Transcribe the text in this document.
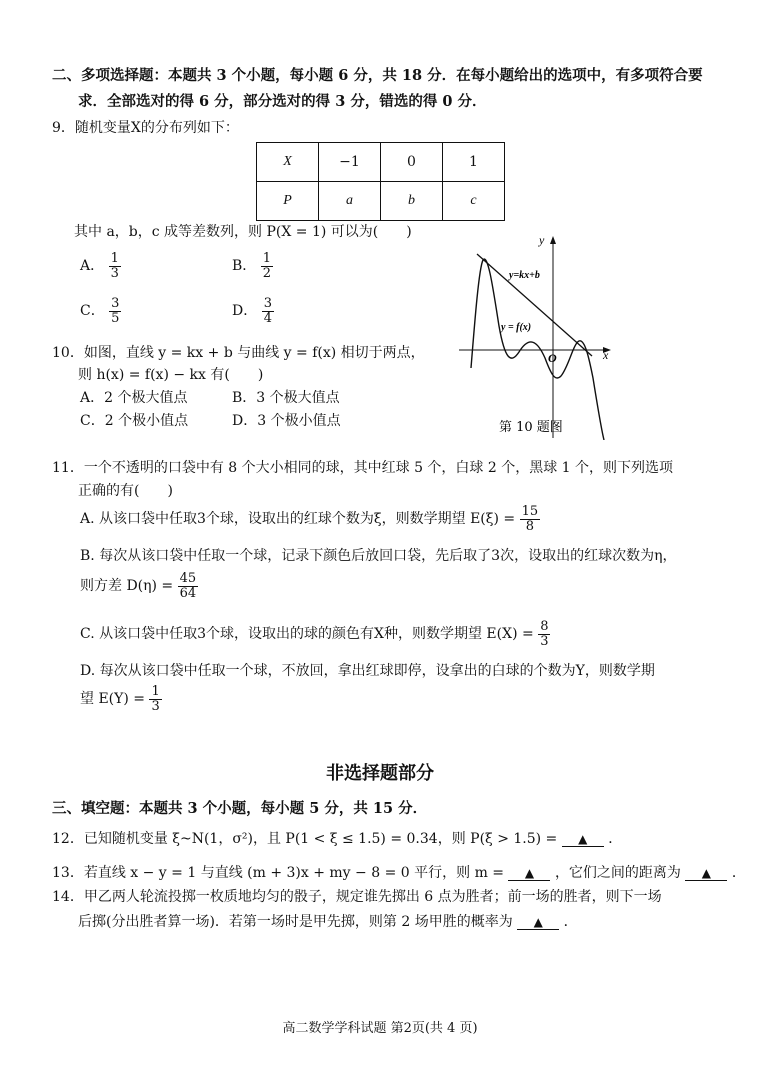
二、多项选择题：本题共 3 个小题，每小题 6 分，共 18 分．在每小题给出的选项中，有多项符合要
求．全部选对的得 6 分，部分选对的得 3 分，错选的得 0 分．
9．随机变量X的分布列如下：
X	−1	0	1
P	a	b	c
其中 a，b，c 成等差数列，则 P(X = 1) 可以为(　　)
A． $\frac{1}{3}$	B． $\frac{1}{2}$
C． $\frac{3}{5}$	D． $\frac{3}{4}$
10．如图，直线 y = kx + b 与曲线 y = f(x) 相切于两点，
则 h(x) = f(x) − kx 有(　　)
A．2 个极大值点	B．3 个极大值点
C．2 个极小值点	D．3 个极小值点
y
x
O
y=kx+b
y = f(x)
第 10 题图
11．一个不透明的口袋中有 8 个大小相同的球，其中红球 5 个，白球 2 个，黑球 1 个，则下列选项
正确的有(　　)
A. 从该口袋中任取3个球，设取出的红球个数为ξ，则数学期望 $E(\xi) = \frac{15}{8}$
B. 每次从该口袋中任取一个球，记录下颜色后放回口袋，先后取了3次，设取出的红球次数为η，
则方差 $D(\eta) = \frac{45}{64}$
C. 从该口袋中任取3个球，设取出的球的颜色有X种，则数学期望 $E(X) = \frac{8}{3}$
D. 每次从该口袋中任取一个球，不放回，拿出红球即停，设拿出的白球的个数为Y，则数学期
望 $E(Y) = \frac{1}{3}$
非选择题部分
三、填空题：本题共 3 个小题，每小题 5 分，共 15 分．
12．已知随机变量 ξ~N(1，σ²)，且 P(1 < ξ ≤ 1.5) = 0.34，则 P(ξ > 1.5) = ▲ ．
13．若直线 x − y = 1 与直线 (m + 3)x + my − 8 = 0 平行，则 m = ▲ ，它们之间的距离为 ▲ ．
14．甲乙两人轮流投掷一枚质地均匀的骰子，规定谁先掷出 6 点为胜者；前一场的胜者，则下一场
后掷(分出胜者算一场)．若第一场时是甲先掷，则第 2 场甲胜的概率为 ▲ ．
高二数学学科试题 第2页(共 4 页)
